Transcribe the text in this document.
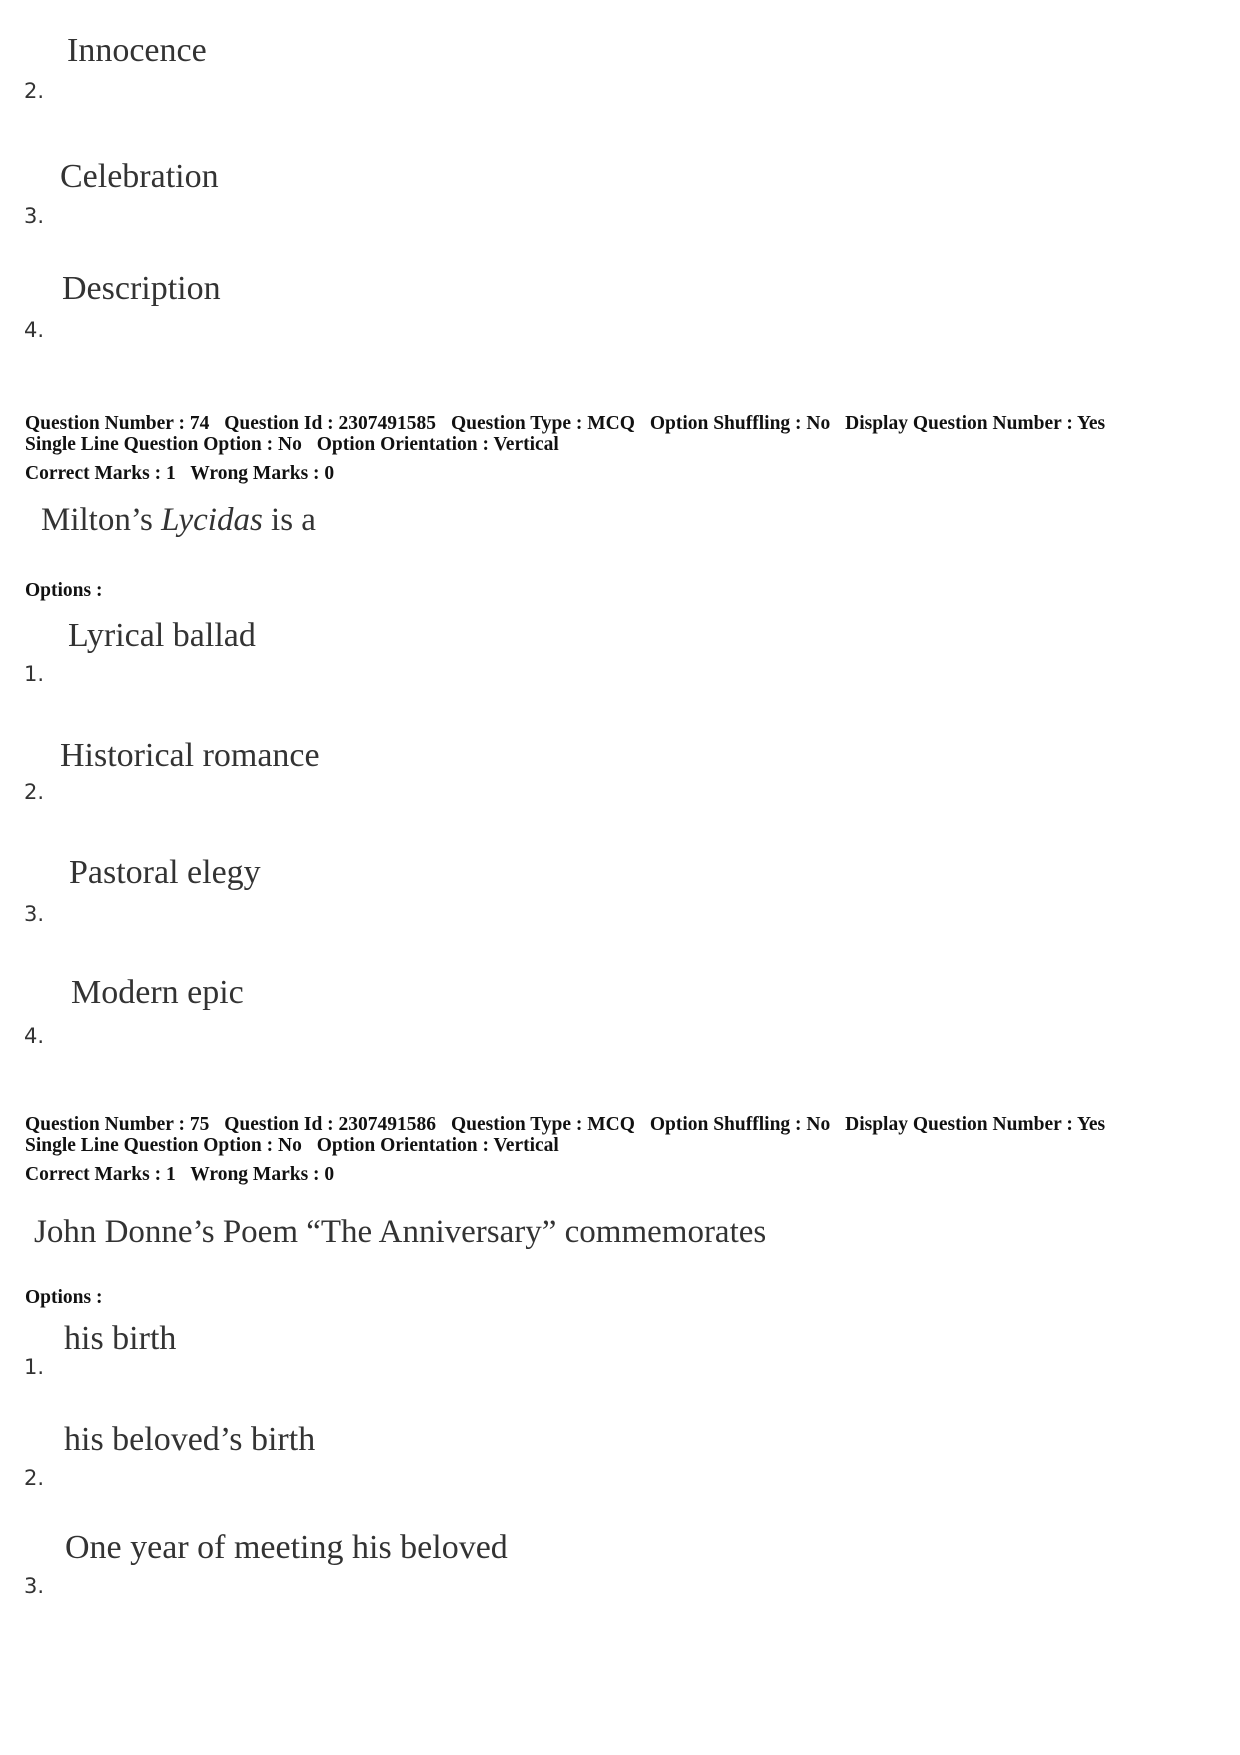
Innocence
2.
Celebration
3.
Description
4.
Question Number : 74 Question Id : 2307491585 Question Type : MCQ Option Shuffling : No Display Question Number : Yes
Single Line Question Option : No Option Orientation : Vertical
Correct Marks : 1 Wrong Marks : 0
Milton’s Lycidas is a
Options :
Lyrical ballad
1.
Historical romance
2.
Pastoral elegy
3.
Modern epic
4.
Question Number : 75 Question Id : 2307491586 Question Type : MCQ Option Shuffling : No Display Question Number : Yes
Single Line Question Option : No Option Orientation : Vertical
Correct Marks : 1 Wrong Marks : 0
John Donne’s Poem “The Anniversary” commemorates
Options :
his birth
1.
his beloved’s birth
2.
One year of meeting his beloved
3.
